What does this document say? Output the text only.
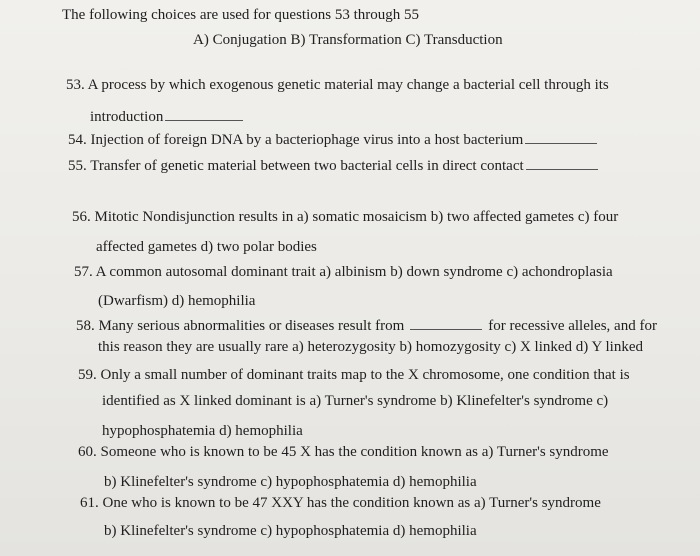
The following choices are used for questions 53 through 55
A) Conjugation B) Transformation C) Transduction
53. A process by which exogenous genetic material may change a bacterial cell through its
introduction
54. Injection of foreign DNA by a bacteriophage virus into a host bacterium
55. Transfer of genetic material between two bacterial cells in direct contact
56. Mitotic Nondisjunction results in a) somatic mosaicism b) two affected gametes c) four
affected gametes d) two polar bodies
57. A common autosomal dominant trait a) albinism b) down syndrome c) achondroplasia
(Dwarfism) d) hemophilia
58. Many serious abnormalities or diseases result from	for recessive alleles, and for
this reason they are usually rare a) heterozygosity b) homozygosity c) X linked d) Y linked
59. Only a small number of dominant traits map to the X chromosome, one condition that is
identified as X linked dominant is a) Turner's syndrome b) Klinefelter's syndrome c)
hypophosphatemia d) hemophilia
60. Someone who is known to be 45 X has the condition known as a) Turner's syndrome
b) Klinefelter's syndrome c) hypophosphatemia d) hemophilia
61. One who is known to be 47 XXY has the condition known as a) Turner's syndrome
b) Klinefelter's syndrome c) hypophosphatemia d) hemophilia
